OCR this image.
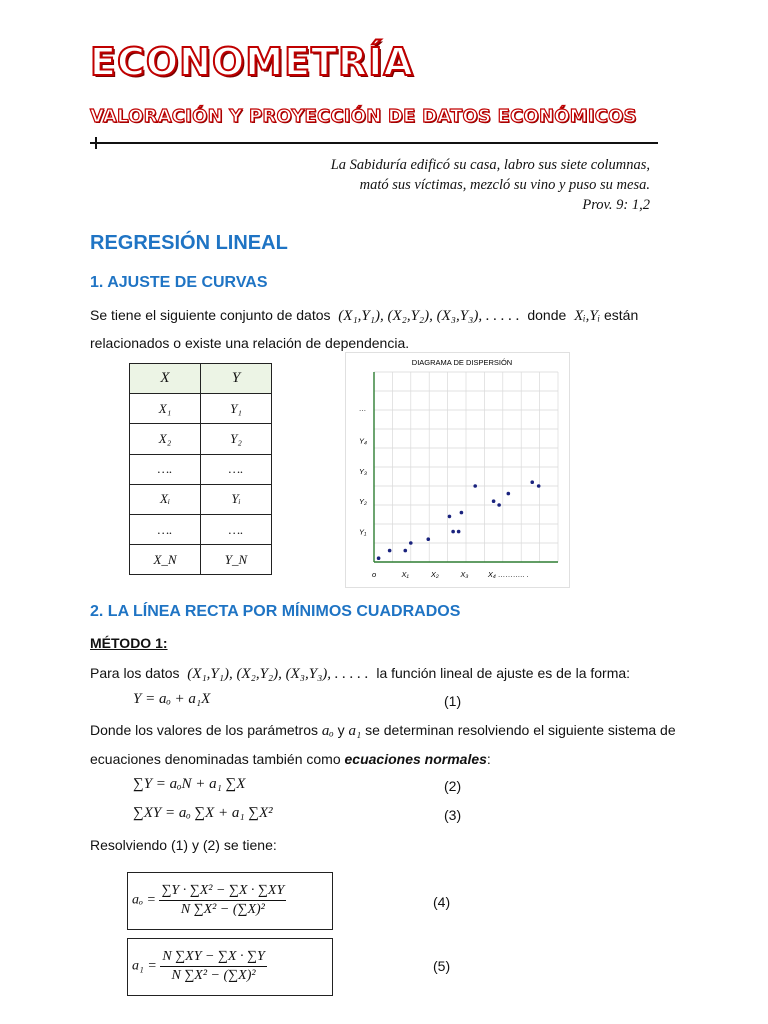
ECONOMETRÍA
VALORACIÓN Y PROYECCIÓN DE DATOS ECONÓMICOS
La Sabiduría edificó su casa, labro sus siete columnas,
mató sus víctimas, mezcló su vino y puso su mesa.
Prov. 9: 1,2
REGRESIÓN LINEAL
1. AJUSTE DE CURVAS
Se tiene el siguiente conjunto de datos (X₁,Y₁), (X₂,Y₂), (X₃,Y₃), . . . . . donde Xᵢ,Yᵢ están
relacionados o existe una relación de dependencia.
X	Y
X₁	Y₁
X₂	Y₂
….	….
Xᵢ	Yᵢ
….	….
X_N	Y_N
DIAGRAMA DE DISPERSIÓN
Y₁
Y₂
Y₃
Y₄
…
o	X₁	X₂	X₃	X₄ ……….. .
2. LA LÍNEA RECTA POR MÍNIMOS CUADRADOS
MÉTODO 1:
Para los datos (X₁,Y₁), (X₂,Y₂), (X₃,Y₃), . . . . . la función lineal de ajuste es de la forma:
Y = aₒ + a₁X	(1)
Donde los valores de los parámetros aₒ y a₁ se determinan resolviendo el siguiente sistema de
ecuaciones denominadas también como ecuaciones normales:
∑Y = aₒN + a₁ ∑X	(2)
∑XY = aₒ ∑X + a₁ ∑X²	(3)
Resolviendo (1) y (2) se tiene:
$a_o = \frac{\text{∑Y · ∑X² − ∑X · ∑XY}}{\text{N ∑X² − (∑X)²}}$	(4)
$a_1 = \frac{N \sum XY - \sum X \cdot \sum Y}{\text{N ∑X² − (∑X)²}}$	(5)
